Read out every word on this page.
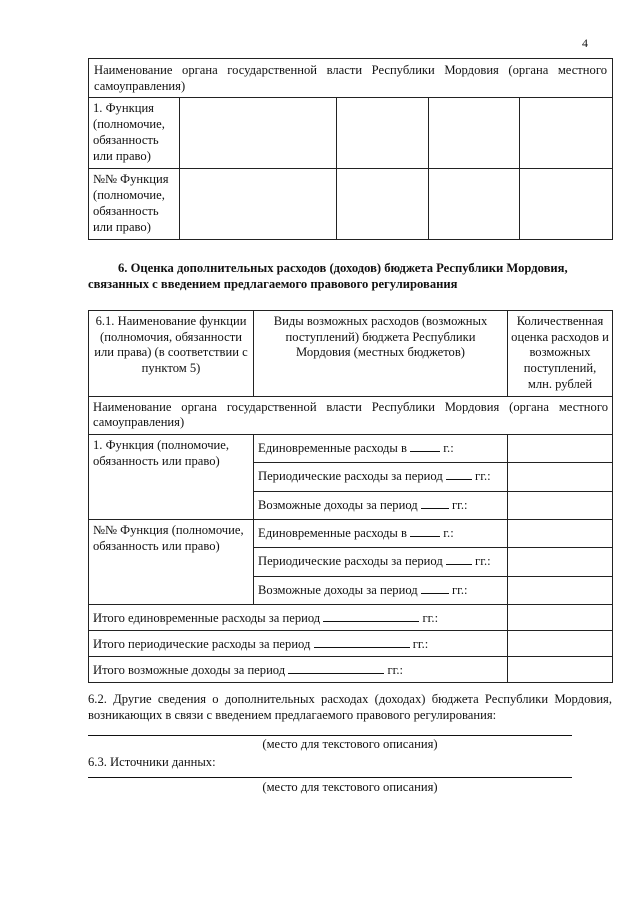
4
Наименование органа государственной власти Республики Мордовия (органа местного самоуправления)				
1. Функция (полномочие, обязанность или право)				
№№ Функция (полномочие, обязанность или право)				
6. Оценка дополнительных расходов (доходов) бюджета Республики Мордовия, связанных с введением предлагаемого правового регулирования
6.1. Наименование функции (полномочия, обязанности или права) (в соответствии с пунктом 5)	Виды возможных расходов (возможных поступлений) бюджета Республики Мордовия (местных бюджетов)	Количественная оценка расходов и возможных поступлений, млн. рублей
Наименование органа государственной власти Республики Мордовия (органа местного самоуправления)		
1. Функция (полномочие, обязанность или право)	Единовременные расходы в г.:	
	Периодические расходы за период гг.:	
	Возможные доходы за период гг.:	
№№ Функция (полномочие, обязанность или право)	Единовременные расходы в г.:	
	Периодические расходы за период гг.:	
	Возможные доходы за период гг.:	
Итого единовременные расходы за период гг.:		
Итого периодические расходы за период гг.:		
Итого возможные доходы за период гг.:		
6.2. Другие сведения о дополнительных расходах (доходах) бюджета Республики Мордовия, возникающих в связи с введением предлагаемого правового регулирования:
(место для текстового описания)
6.3. Источники данных:
(место для текстового описания)
